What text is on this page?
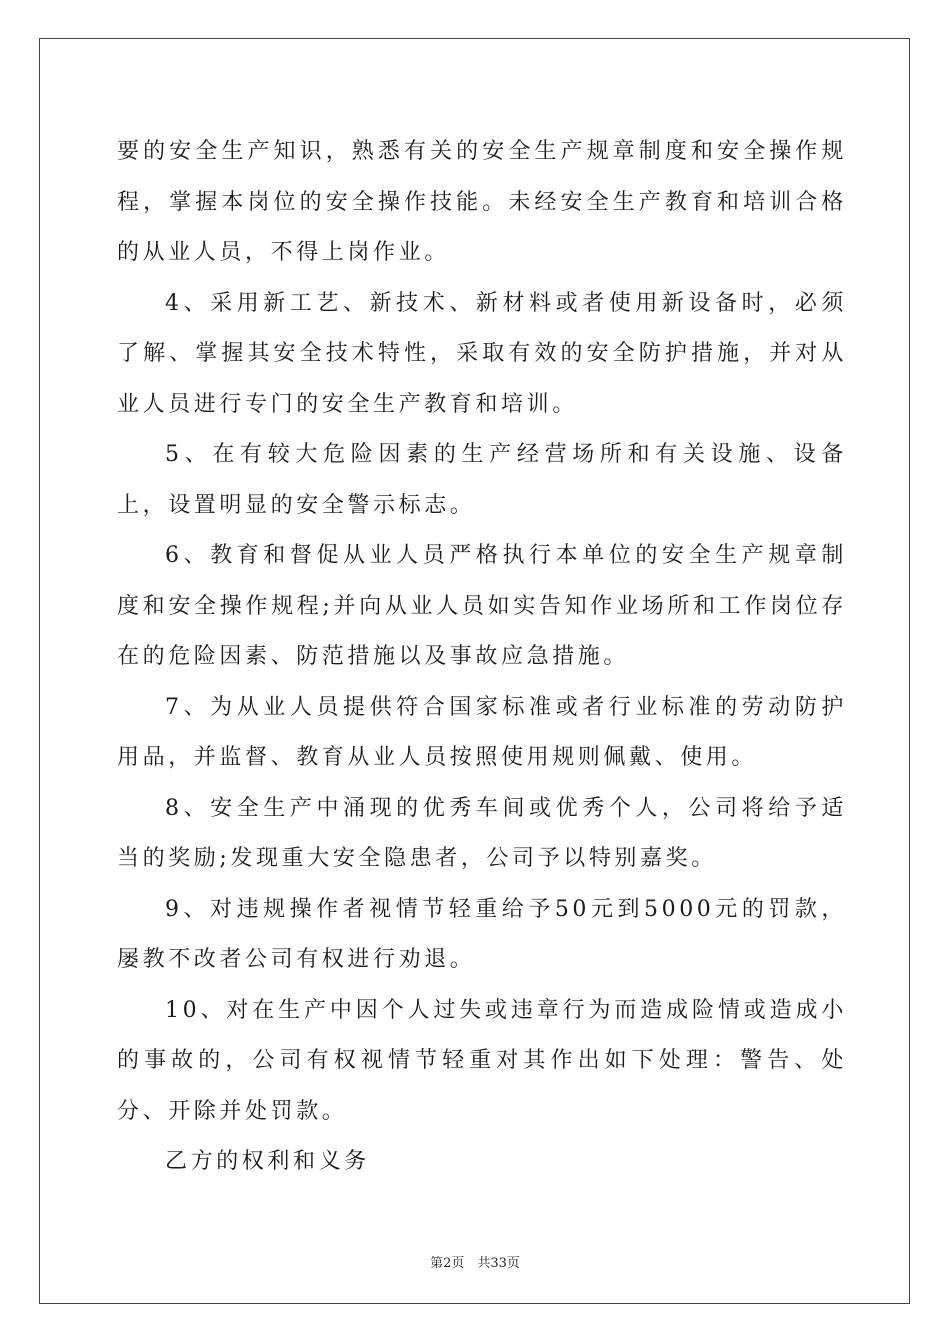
要的安全生产知识，熟悉有关的安全生产规章制度和安全操作规程，掌握本岗位的安全操作技能。未经安全生产教育和培训合格的从业人员，不得上岗作业。

4、采用新工艺、新技术、新材料或者使用新设备时，必须了解、掌握其安全技术特性，采取有效的安全防护措施，并对从业人员进行专门的安全生产教育和培训。

5、在有较大危险因素的生产经营场所和有关设施、设备上，设置明显的安全警示标志。

6、教育和督促从业人员严格执行本单位的安全生产规章制度和安全操作规程;并向从业人员如实告知作业场所和工作岗位存在的危险因素、防范措施以及事故应急措施。

7、为从业人员提供符合国家标准或者行业标准的劳动防护用品，并监督、教育从业人员按照使用规则佩戴、使用。

8、安全生产中涌现的优秀车间或优秀个人，公司将给予适当的奖励;发现重大安全隐患者，公司予以特别嘉奖。

9、对违规操作者视情节轻重给予50元到5000元的罚款，屡教不改者公司有权进行劝退。

10、对在生产中因个人过失或违章行为而造成险情或造成小的事故的，公司有权视情节轻重对其作出如下处理：警告、处分、开除并处罚款。

乙方的权利和义务

第2页　共33页
